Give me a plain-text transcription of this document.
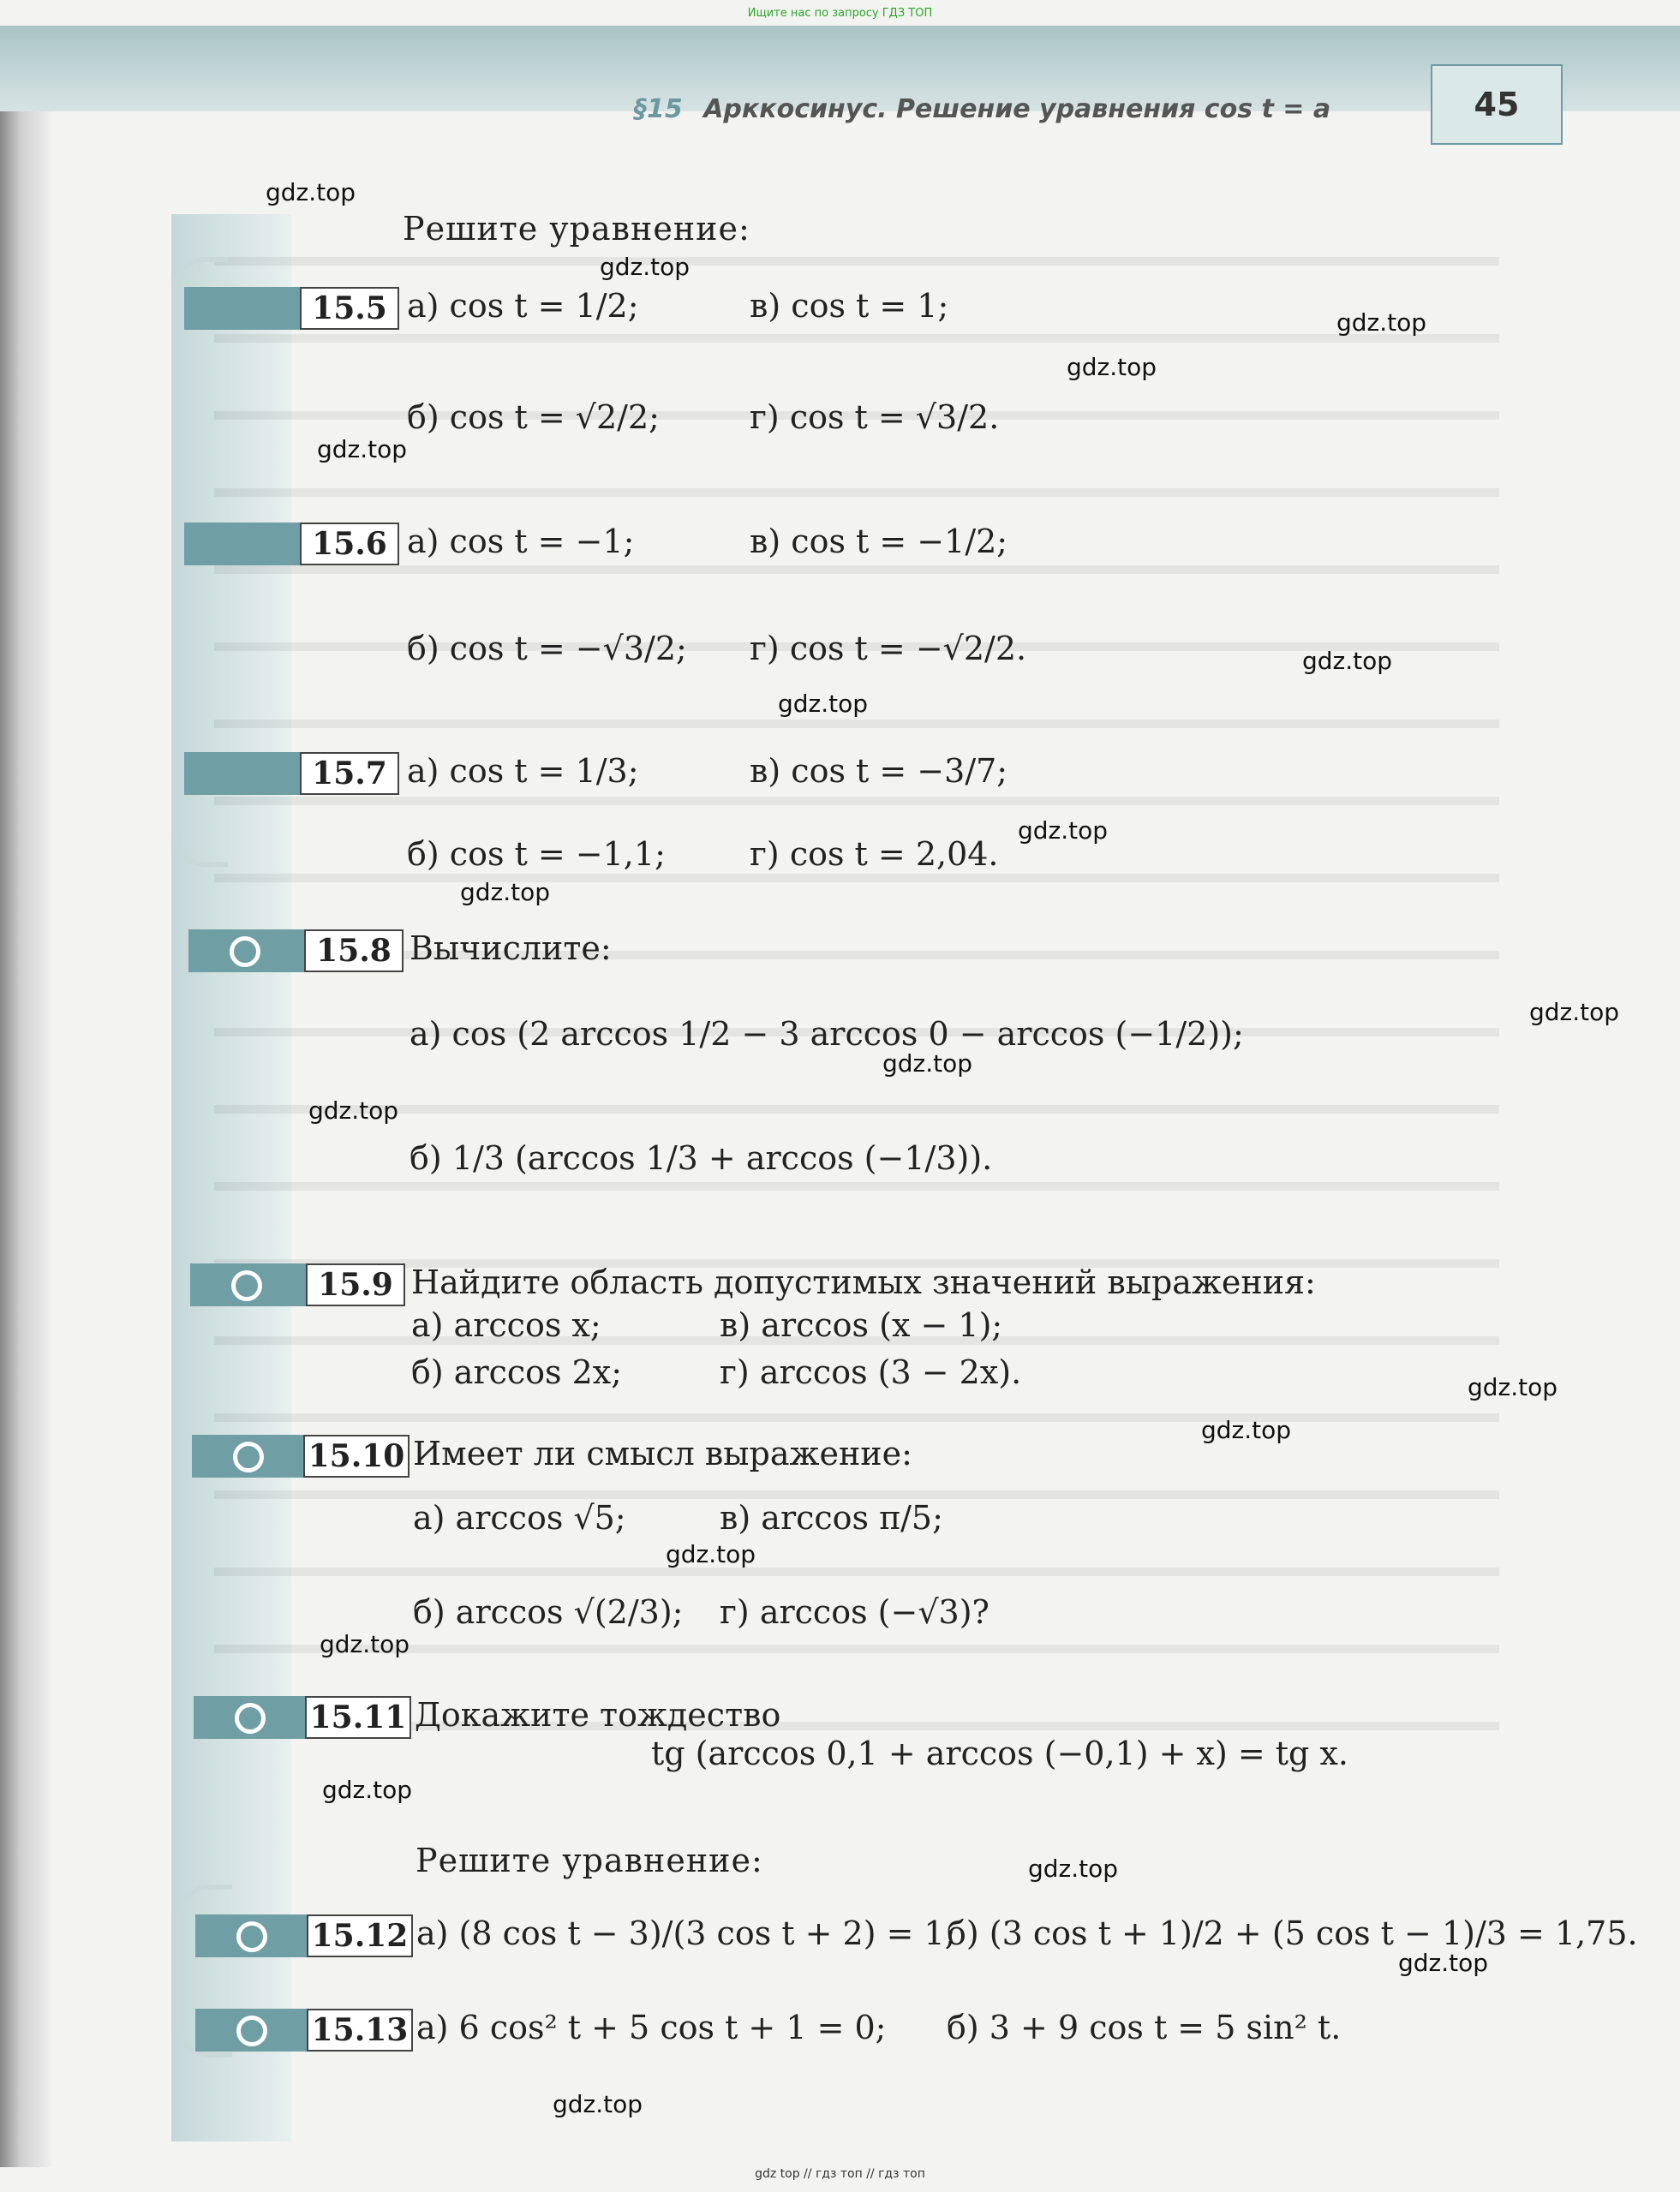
Ищите нас по запросу ГДЗ ТОП
§15 Арккосинус. Решение уравнения cos t = a	45
Решите уравнение:
15.5 а) cos t = 1/2;	в) cos t = 1;
б) cos t = √2/2;	г) cos t = √3/2.
15.6 а) cos t = −1;	в) cos t = −1/2;
б) cos t = −√3/2; г) cos t = −√2/2.
15.7 а) cos t = 1/3;	в) cos t = −3/7;
б) cos t = −1,1;	г) cos t = 2,04.
15.8 Вычислите:
а) cos (2 arccos 1/2 − 3 arccos 0 − arccos (−1/2));
б) 1/3 (arccos 1/3 + arccos (−1/3)).
15.9 Найдите область допустимых значений выражения:
а) arccos x;	в) arccos (x − 1);
б) arccos 2x;	г) arccos (3 − 2x).
15.10 Имеет ли смысл выражение:
а) arccos √5;	в) arccos π/5;
б) arccos √(2/3); г) arccos (−√3)?
15.11 Докажите тождество
tg (arccos 0,1 + arccos (−0,1) + x) = tg x.
Решите уравнение:
15.12 а) (8 cos t − 3)/(3 cos t + 2) = 1;
б) (3 cos t + 1)/2 + (5 cos t − 1)/3 = 1,75.
15.13 а) 6 cos² t + 5 cos t + 1 = 0; б) 3 + 9 cos t = 5 sin² t.
gdz.top
gdz.top
gdz.top
gdz.top
gdz.top
gdz.top
gdz.top
gdz.top
gdz.top
gdz.top
gdz.top
gdz.top
gdz.top
gdz.top
gdz.top
gdz.top
gdz.top
gdz.top
gdz.top
gdz.top
gdz top // гдз топ // гдз топ
